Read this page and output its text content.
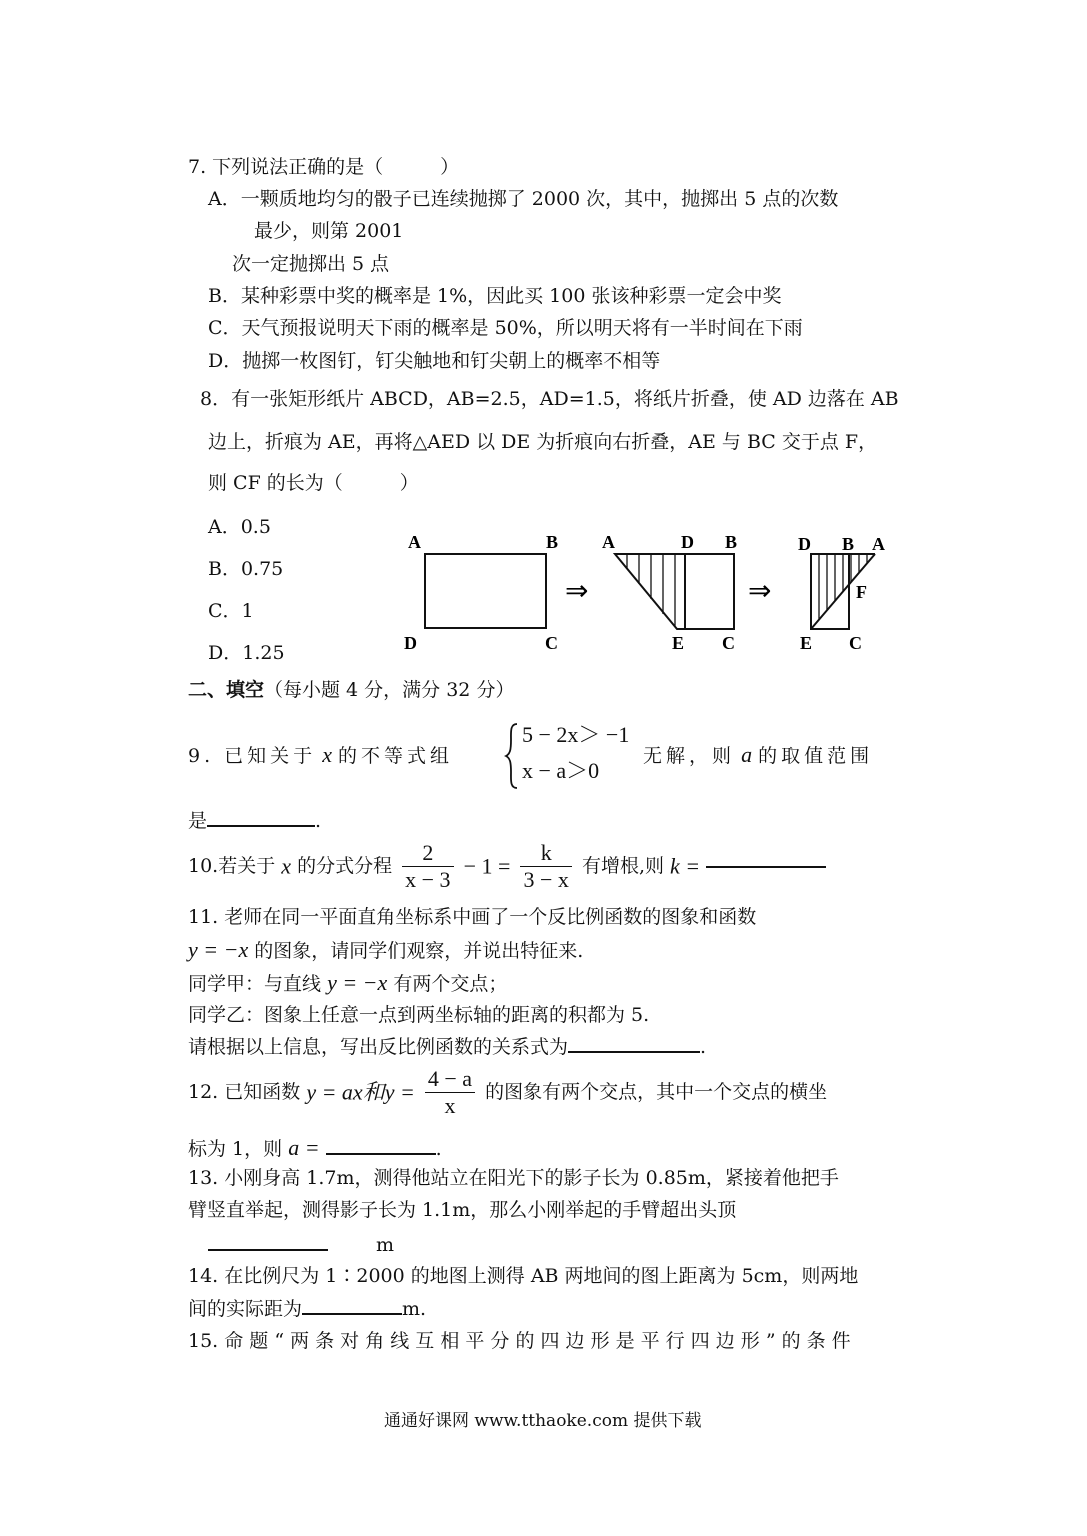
7. 下列说法正确的是（　　　）
A．一颗质地均匀的骰子已连续抛掷了 2000 次，其中，抛掷出 5 点的次数
最少，则第 2001
次一定抛掷出 5 点
B．某种彩票中奖的概率是 1%，因此买 100 张该种彩票一定会中奖
C．天气预报说明天下雨的概率是 50%，所以明天将有一半时间在下雨
D．抛掷一枚图钉，钉尖触地和钉尖朝上的概率不相等
8．有一张矩形纸片 ABCD，AB=2.5，AD=1.5，将纸片折叠，使 AD 边落在 AB
边上，折痕为 AE，再将△AED 以 DE 为折痕向右折叠，AE 与 BC 交于点 F，
则 CF 的长为（　　　）
A．0.5
B．0.75
C．1
D．1.25
A	B
D	C
⇒
A	D B
E C
⇒
D B A
F
E C
二、填空（每小题 4 分，满分 32 分）
9. 已知关于 x 的不等式组
5 − 2x＞ −1
x − a＞0
无解，则 a 的取值范围
是	.
10.若关于 x 的分式分程 $\frac{2}{x - 3} - 1 = \frac{k}{3 - x}$ 有增根,则 k =
11. 老师在同一平面直角坐标系中画了一个反比例函数的图象和函数
y = −x 的图象，请同学们观察，并说出特征来.
同学甲：与直线 y = −x 有两个交点；
同学乙：图象上任意一点到两坐标轴的距离的积都为 5.
请根据以上信息，写出反比例函数的关系式为	.
12. 已知函数 y = ax和$y = \frac{4 - a}{x}$ 的图象有两个交点，其中一个交点的横坐
标为 1，则 a =	.
13. 小刚身高 1.7m，测得他站立在阳光下的影子长为 0.85m，紧接着他把手
臂竖直举起，测得影子长为 1.1m，那么小刚举起的手臂超出头顶
m
14. 在比例尺为 1∶2000 的地图上测得 AB 两地间的图上距离为 5cm，则两地
间的实际距为	m.
15. 命 题 “ 两 条 对 角 线 互 相 平 分 的 四 边 形 是 平 行 四 边 形 ” 的 条 件
通通好课网 www.tthaoke.com 提供下载
